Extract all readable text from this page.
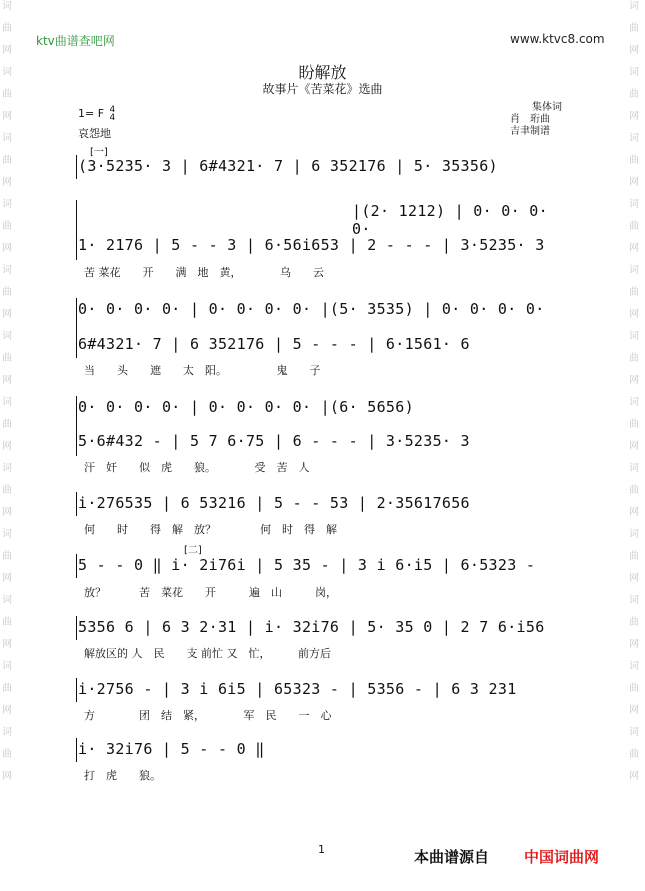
词
曲
网
词
曲
网
词
曲
网
词
曲
网
词
曲
网
词
曲
网
词
曲
网
词
曲
网
词
曲
网
词
曲
网
词
曲
网
词
曲
网
词
曲
网
词
曲
网
词
曲
网
词
曲
网
词
曲
网
词
曲
网
词
曲
网
词
曲
网
词
曲
网
词
曲
网
词
曲
网
词
曲
网
ktv曲谱查吧网	www.ktvc8.com
盼解放
故事片《苦菜花》选曲
1= F 4
4
哀怨地
集体词
肖　珩曲
吉聿制谱
[一]
(3·5235· 3 | 6#4321· 7 | 6 352176 | 5· 35356)
|(2· 1212) | 0· 0· 0· 0·
1· 2176 | 5 - - 3 | 6·56i653 | 2 - - - | 3·5235· 3
苦 菜花　　开　　满　地　黄，　　　　乌　　云
0· 0· 0· 0· | 0· 0· 0· 0· |(5· 3535) | 0· 0· 0· 0·
6#4321· 7 | 6 352176 | 5 - - - | 6·1561· 6
当　　头　　遮　　太　阳。　　　　　鬼　　子
0· 0· 0· 0· | 0· 0· 0· 0· |(6· 5656)
5·6#432 - | 5 7 6·75 | 6 - - - | 3·5235· 3
汗　奸　　似　虎　　狼。　　　　受　苦　人
i·276535 | 6 53216 | 5 - - 53 | 2·35617656
何　　时　　得　解　放？　　　　何　时　得　解
[二]
5 - - 0 ‖ i· 2i76i | 5 35 - | 3 i 6·i5 | 6·5323 -
放？　　　苦　菜花　　开　　　遍　山　　　岗，
5356 6 | 6 3 2·31 | i· 32i76 | 5· 35 0 | 2 7 6·i56
解放区的 人　民　　支 前忙 又　忙，　　　前方后
i·2756 - | 3 i 6i5 | 65323 - | 5356 - | 6 3 231
方　　　　团　结　紧，　　　　军　民　　一　心
i· 32i76 | 5 - - 0 ‖
打　虎　　狼。
1	本曲谱源自 中国词曲网
